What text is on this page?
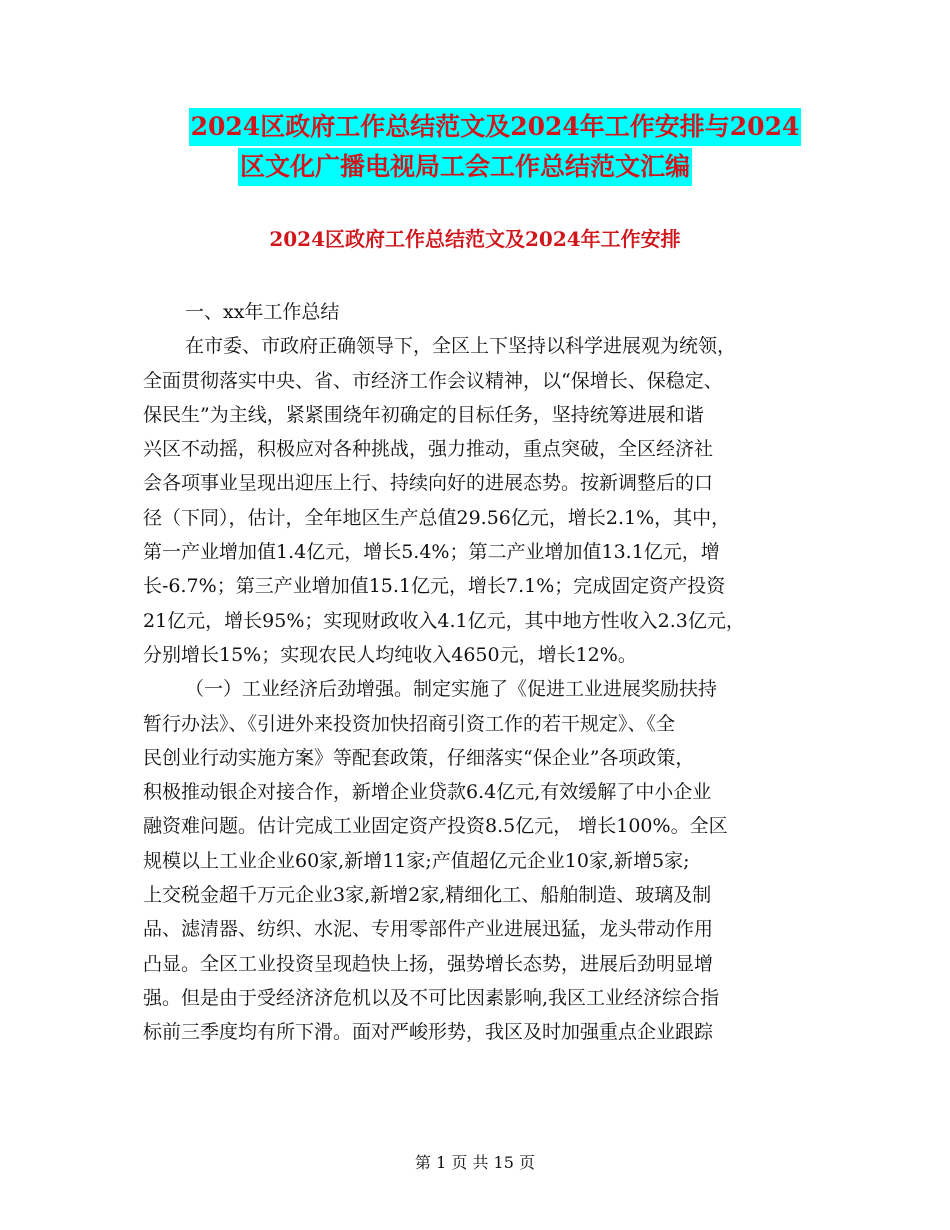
2024区政府工作总结范文及2024年工作安排与2024
区文化广播电视局工会工作总结范文汇编
2024区政府工作总结范文及2024年工作安排
一、xx年工作总结
在市委、市政府正确领导下，全区上下坚持以科学进展观为统领，
全面贯彻落实中央、省、市经济工作会议精神，以“保增长、保稳定、
保民生”为主线，紧紧围绕年初确定的目标任务，坚持统筹进展和谐
兴区不动摇，积极应对各种挑战，强力推动，重点突破，全区经济社
会各项事业呈现出迎压上行、持续向好的进展态势。按新调整后的口
径（下同），估计，全年地区生产总值29.56亿元，增长2.1%，其中，
第一产业增加值1.4亿元，增长5.4%；第二产业增加值13.1亿元，增
长-6.7%；第三产业增加值15.1亿元，增长7.1%；完成固定资产投资
21亿元，增长95%；实现财政收入4.1亿元，其中地方性收入2.3亿元，
分别增长15%；实现农民人均纯收入4650元，增长12%。
（一）工业经济后劲增强。制定实施了《促进工业进展奖励扶持
暂行办法》、《引进外来投资加快招商引资工作的若干规定》、《全
民创业行动实施方案》等配套政策，仔细落实“保企业”各项政策，
积极推动银企对接合作，新增企业贷款6.4亿元,有效缓解了中小企业
融资难问题。估计完成工业固定资产投资8.5亿元， 增长100%。全区
规模以上工业企业60家,新增11家;产值超亿元企业10家,新增5家;
上交税金超千万元企业3家,新增2家,精细化工、船舶制造、玻璃及制
品、滤清器、纺织、水泥、专用零部件产业进展迅猛，龙头带动作用
凸显。全区工业投资呈现趋快上扬，强势增长态势，进展后劲明显增
强。但是由于受经济济危机以及不可比因素影响,我区工业经济综合指
标前三季度均有所下滑。面对严峻形势，我区及时加强重点企业跟踪
第 1 页 共 15 页
